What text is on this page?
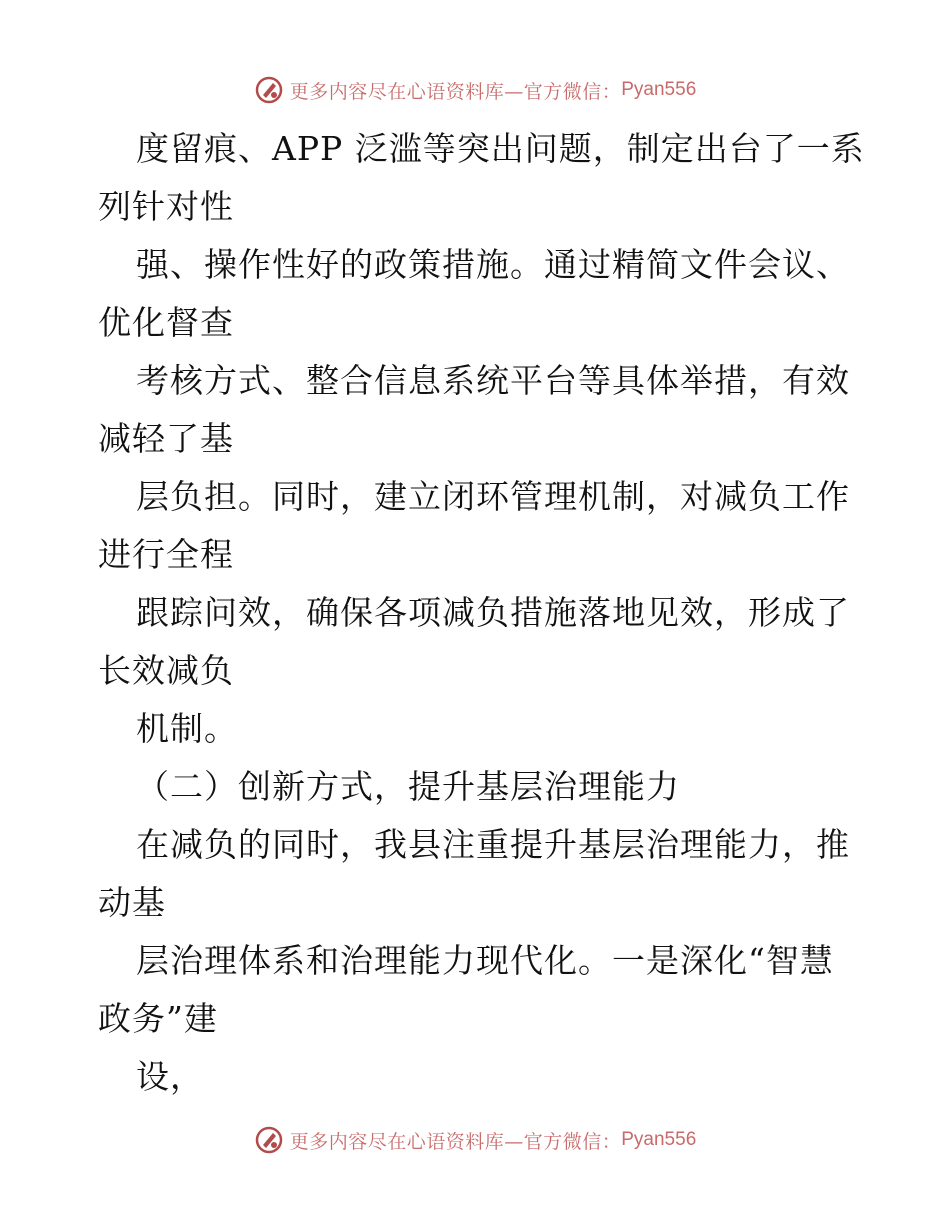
更多内容尽在心语资料库—官方微信： Pyan556
度留痕、APP 泛滥等突出问题，制定出台了一系
列针对性
强、操作性好的政策措施。通过精简文件会议、
优化督查
考核方式、整合信息系统平台等具体举措，有效
减轻了基
层负担。同时，建立闭环管理机制，对减负工作
进行全程
跟踪问效，确保各项减负措施落地见效，形成了
长效减负
机制。
（二）创新方式，提升基层治理能力
在减负的同时，我县注重提升基层治理能力，推
动基
层治理体系和治理能力现代化。一是深化“智慧
政务”建
设，
更多内容尽在心语资料库—官方微信： Pyan556
